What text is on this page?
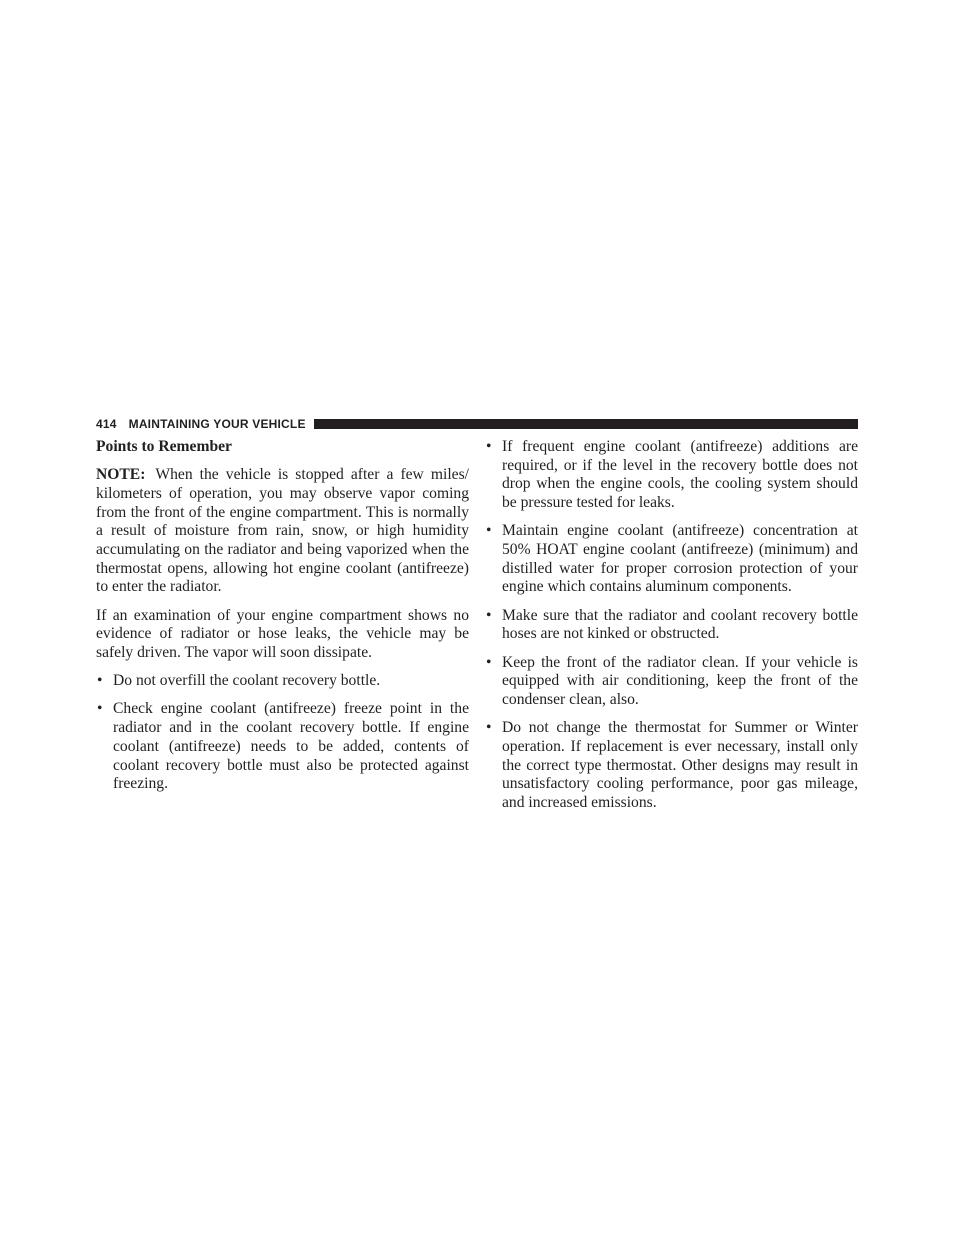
414 MAINTAINING YOUR VEHICLE
Points to Remember

NOTE: When the vehicle is stopped after a few miles/ kilometers of operation, you may observe vapor coming from the front of the engine compartment. This is normally a result of moisture from rain, snow, or high humidity accumulating on the radiator and being vaporized when the thermostat opens, allowing hot engine coolant (antifreeze) to enter the radiator.

If an examination of your engine compartment shows no evidence of radiator or hose leaks, the vehicle may be safely driven. The vapor will soon dissipate.

• Do not overfill the coolant recovery bottle.
• Check engine coolant (antifreeze) freeze point in the radiator and in the coolant recovery bottle. If engine coolant (antifreeze) needs to be added, contents of coolant recovery bottle must also be protected against freezing.
• If frequent engine coolant (antifreeze) additions are required, or if the level in the recovery bottle does not drop when the engine cools, the cooling system should be pressure tested for leaks.
• Maintain engine coolant (antifreeze) concentration at 50% HOAT engine coolant (antifreeze) (minimum) and distilled water for proper corrosion protection of your engine which contains aluminum components.
• Make sure that the radiator and coolant recovery bottle hoses are not kinked or obstructed.
• Keep the front of the radiator clean. If your vehicle is equipped with air conditioning, keep the front of the condenser clean, also.
• Do not change the thermostat for Summer or Winter operation. If replacement is ever necessary, install only the correct type thermostat. Other designs may result in unsatisfactory cooling performance, poor gas mileage, and increased emissions.
